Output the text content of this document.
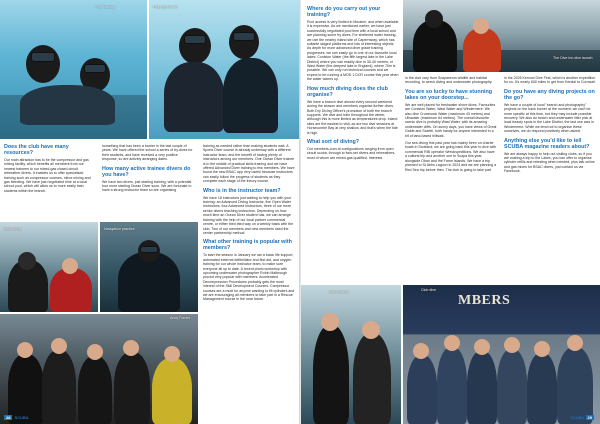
Pool training	Helping with kit
Does the club have many resources?

Our main attraction has to be the compressor and gas mixing facility, which benefits all members from our newest trainees to our mixed-gas closed-circuit rebreather divers. It enables us to offer specialised training such as compressor courses, nitrox mixing and gas blending. We have just negotiated time at a local school pool, which will allow us to more easily train students within the branch.

something that has been a barrier in the last couple of years. We have offered the school a series of try-dives for their students, and have received a very positive response, so are actively arranging dates.

How many active trainee divers do you have?

We have two divers, just starting training, with a potential four more starting Ocean Diver soon. We are fortunate to have a strong instructor team so are organising

training as needed rather than making students wait. A Sports Diver course is already underway with a different instructor team, and the benefit of having plenty of instructors among our members. One Ocean Diver trainee is in the middle of practical skills training and we have offered Advanced Diver training to few members. We have found the new BSAC app very useful because instructors can easily follow the progress of students as they complete each stage of the theory course.

Who is in the instructor team?

We have 18 instructors just waiting to help you with your training: an Advanced Diving Instructor, five Open Water Instructors, four Advanced Instructors, three of our more senior divers teaching instructors. Depending on how much time an Ocean Diver student has, we can arrange training with the help of our local partner commercial centre, or either tried third way on a weekly basis with the club. Two of our members and new members used the center partnership method.

What other training is popular with members?

To start the season in January we ran a basic life support, automated external defibrillator and first aid, and oxygen training for our whole instructor team, to make sure everyone all up to date. A recent photo workshop with upcoming underwater photographer Robin Malbrough proved very popular with members. Accelerated Decompression Procedures probably gets the most interest of the Skill Development Courses. Compressor courses are a must for anyone wanting to fill cylinders and we are encouraging all members to take part in a Rescue Management course in the near future.

Sam Lorne	Navigation practice
28 SCUBA
Andy Fomes
Where do you carry out your training?

Pool access is very limited in Moraine, and when available it is expensive. As we mentioned earlier, we have just successfully negotiated pool time with a local school and are planning some try dives. For sheltered water training, we use the nearby inland site of Capernwray, which has suitable staged platforms and lots of interesting objects. As depth for more advanced diver grade training progresses, we can easily go to one of our favourite local lakes: Coniston Water (the fifth largest lake in the Lake District) where you can readily dive to 30-40 metres; or Wast Water (the deepest lake in England), where 70m is possible. We can only run technical courses and we expect to be running a MOD 1 DCR course this year when the water warms up.

How much diving does the club organise?

We have a branch dive almost every second weekend during the season and members organise further dives. Both Dry Diving Officer's promotion of both the branch supports. We dive and train throughout the winter, although this is more limited as temperatures drop. Inland sites are the easiest to visit, as are two dive sessions at Horsecombe Bay at very shallow, and that's when the tide is high.

What sort of diving?

Our members-cum-tri configurations ranging from open circuit scuba, through to twin-set divers and rebreathers, most of whom are mixed-gas qualified. Interests

The Dive Inn dive launch

in the club vary from Scapaseum wildlife and habitat recording, to wreck diving and underwater photography.

You are so lucky to have stunning lakes on your doorstep...

We are well placed for freshwater shore dives. Favourites are Coniston Water, Wast Water and Windermere. We also dive Crummock Water (maximum 43 metres) and Ullswater (maximum 64 metres). The overall favourite scenic dive is probably Wast Water, with its amazing underwater cliffs. On sunny days, you have views of Great Gable and Scafell, both handy for anyone interested in a bit of land-based hillwalk.

Our sea diving this past year has mainly been on charter boats in Scotland; we are going back this year to dive with commercial RIB operator Wreckspeditions. We also have a cultural trip and another one to Scapa this year, alongside Oban and the Farne Islands. We have a trip planned to St Abbs Lagoon in 2024 and we are planning a Red Sea trip before then. The club is going to take part

in the 2025 Kernow Dive Fest, which is another expedition for us. It's nearly 600 miles to get from Kendal to Cornwall.

Do you have any diving projects on the go?

We have a couple of local "search and photography" projects on the back burner at the moment; we can't be more specific at this time, but they may include possible recovery. We also do beach and underwater litter pick at local beauty spots in the Lake District, the last one was in Windermere. While we tend not to organise these ourselves, we do respond positively when asked.

Anything else you'd like to tell SCUBA magazine readers about?

We are always happy to help out visiting clubs, so if you are making a trip to the Lakes, you can offer to organise cylinder refills and retesting when needed, plus talk online and gas mixes for BSAC divers, just contact us via Facebook.

Sam Annual
MBERS
SCUBA 29
Club dive
